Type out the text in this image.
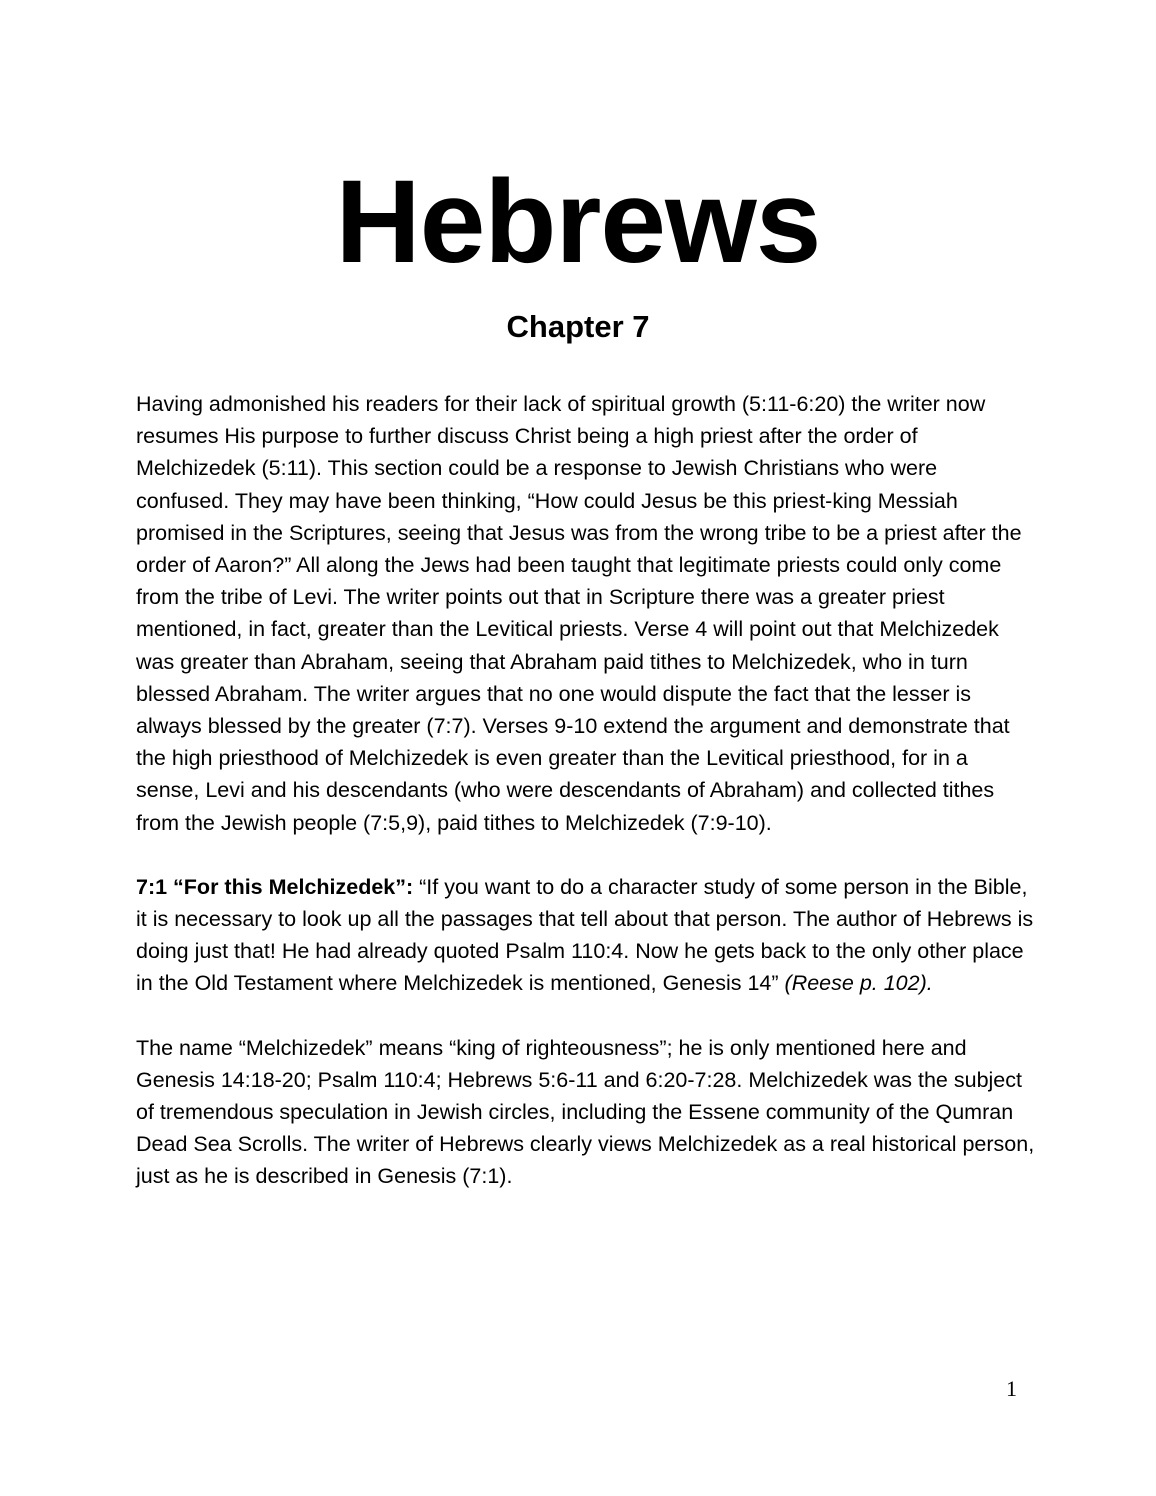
Hebrews
Chapter 7

Having admonished his readers for their lack of spiritual growth (5:11-6:20) the writer now resumes His purpose to further discuss Christ being a high priest after the order of Melchizedek (5:11). This section could be a response to Jewish Christians who were confused. They may have been thinking, “How could Jesus be this priest-king Messiah promised in the Scriptures, seeing that Jesus was from the wrong tribe to be a priest after the order of Aaron?” All along the Jews had been taught that legitimate priests could only come from the tribe of Levi. The writer points out that in Scripture there was a greater priest mentioned, in fact, greater than the Levitical priests. Verse 4 will point out that Melchizedek was greater than Abraham, seeing that Abraham paid tithes to Melchizedek, who in turn blessed Abraham. The writer argues that no one would dispute the fact that the lesser is always blessed by the greater (7:7). Verses 9-10 extend the argument and demonstrate that the high priesthood of Melchizedek is even greater than the Levitical priesthood, for in a sense, Levi and his descendants (who were descendants of Abraham) and collected tithes from the Jewish people (7:5,9), paid tithes to Melchizedek (7:9-10).

7:1 “For this Melchizedek”: “If you want to do a character study of some person in the Bible, it is necessary to look up all the passages that tell about that person. The author of Hebrews is doing just that! He had already quoted Psalm 110:4. Now he gets back to the only other place in the Old Testament where Melchizedek is mentioned, Genesis 14” (Reese p. 102).

The name “Melchizedek” means “king of righteousness”; he is only mentioned here and Genesis 14:18-20; Psalm 110:4; Hebrews 5:6-11 and 6:20-7:28. Melchizedek was the subject of tremendous speculation in Jewish circles, including the Essene community of the Qumran Dead Sea Scrolls. The writer of Hebrews clearly views Melchizedek as a real historical person, just as he is described in Genesis (7:1).

1
